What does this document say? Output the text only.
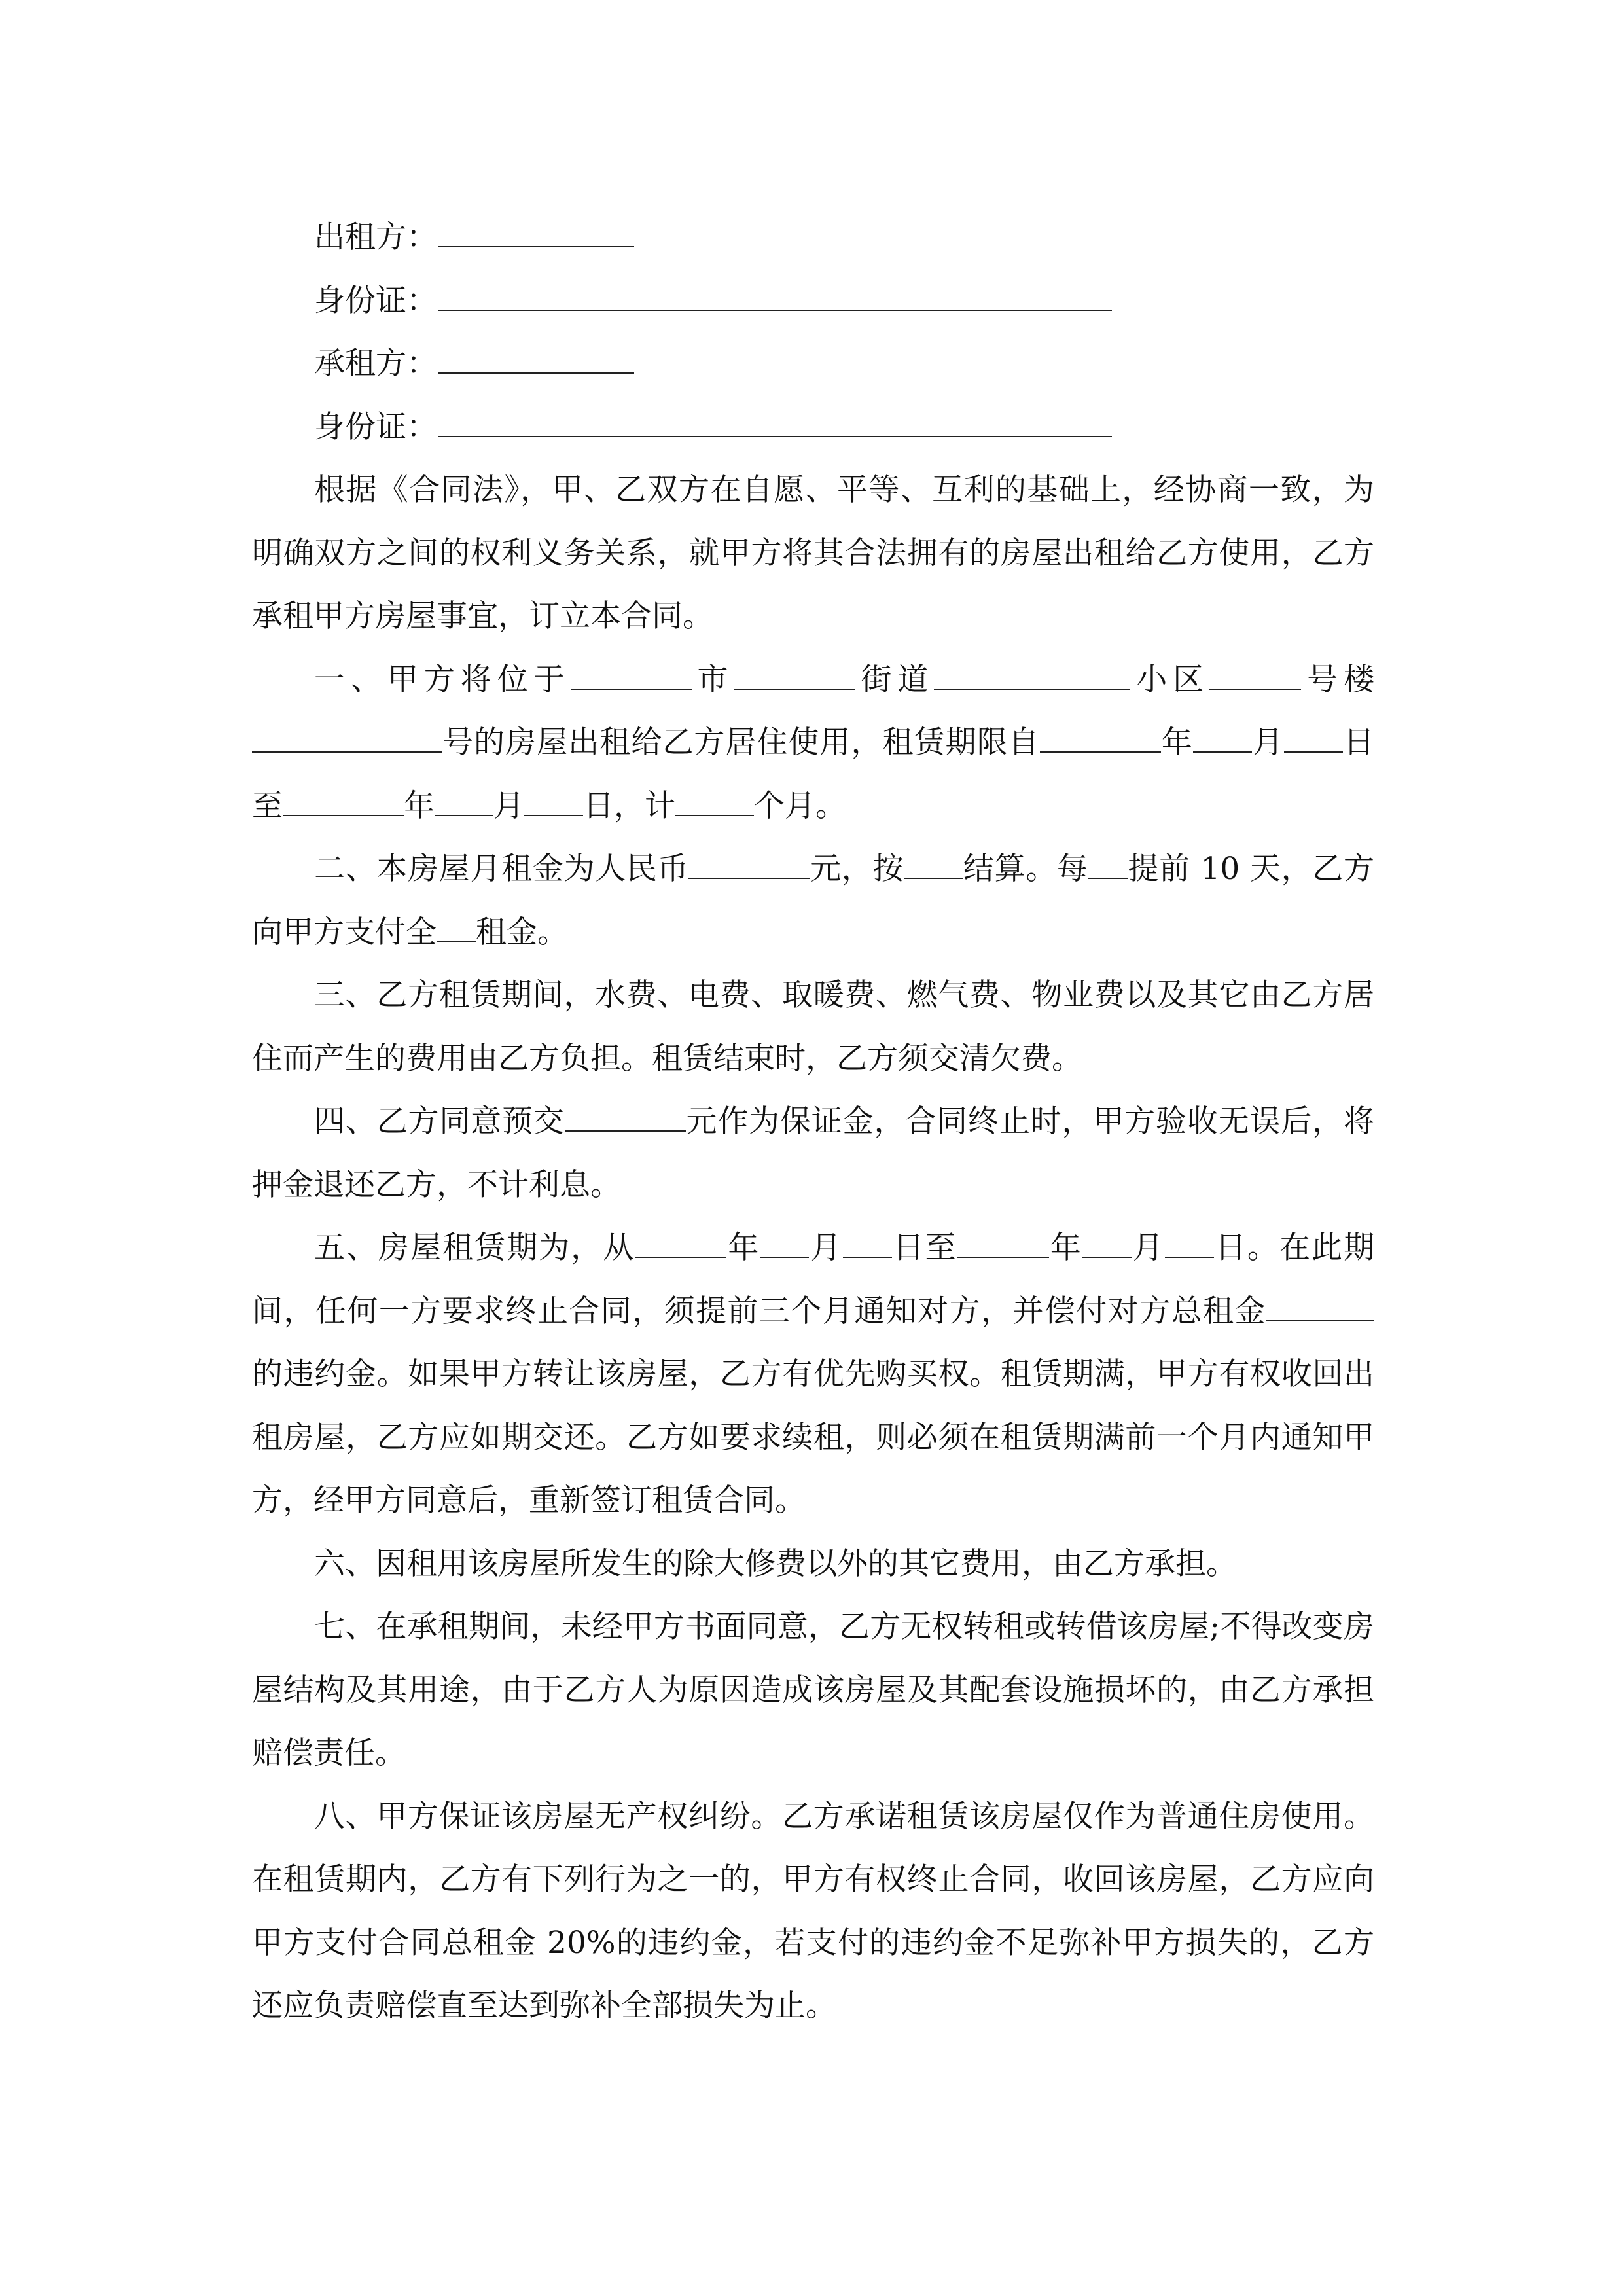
出租方：

身份证：

承租方：

身份证：

根据《合同法》，甲、乙双方在自愿、平等、互利的基础上，经协商一致，为明确双方之间的权利义务关系，就甲方将其合法拥有的房屋出租给乙方使用，乙方承租甲方房屋事宜，订立本合同。

一、甲方将位于	市	街道	小区	号楼号的房屋出租给乙方居住使用，租赁期限自	年 月 日至	年 月 日，计	个月。

二、本房屋月租金为人民币	元，按 结算。每 提前 10 天，乙方向甲方支付全 租金。

三、乙方租赁期间，水费、电费、取暖费、燃气费、物业费以及其它由乙方居住而产生的费用由乙方负担。租赁结束时，乙方须交清欠费。

四、乙方同意预交	元作为保证金，合同终止时，甲方验收无误后，将押金退还乙方，不计利息。

五、房屋租赁期为，从	年 月 日至	年 月 日。在此期间，任何一方要求终止合同，须提前三个月通知对方，并偿付对方总租金的违约金。如果甲方转让该房屋，乙方有优先购买权。租赁期满，甲方有权收回出租房屋，乙方应如期交还。乙方如要求续租，则必须在租赁期满前一个月内通知甲方，经甲方同意后，重新签订租赁合同。

六、因租用该房屋所发生的除大修费以外的其它费用，由乙方承担。

七、在承租期间，未经甲方书面同意，乙方无权转租或转借该房屋;不得改变房屋结构及其用途，由于乙方人为原因造成该房屋及其配套设施损坏的，由乙方承担赔偿责任。

八、甲方保证该房屋无产权纠纷。乙方承诺租赁该房屋仅作为普通住房使用。在租赁期内，乙方有下列行为之一的，甲方有权终止合同，收回该房屋，乙方应向甲方支付合同总租金 20%的违约金，若支付的违约金不足弥补甲方损失的，乙方还应负责赔偿直至达到弥补全部损失为止。
